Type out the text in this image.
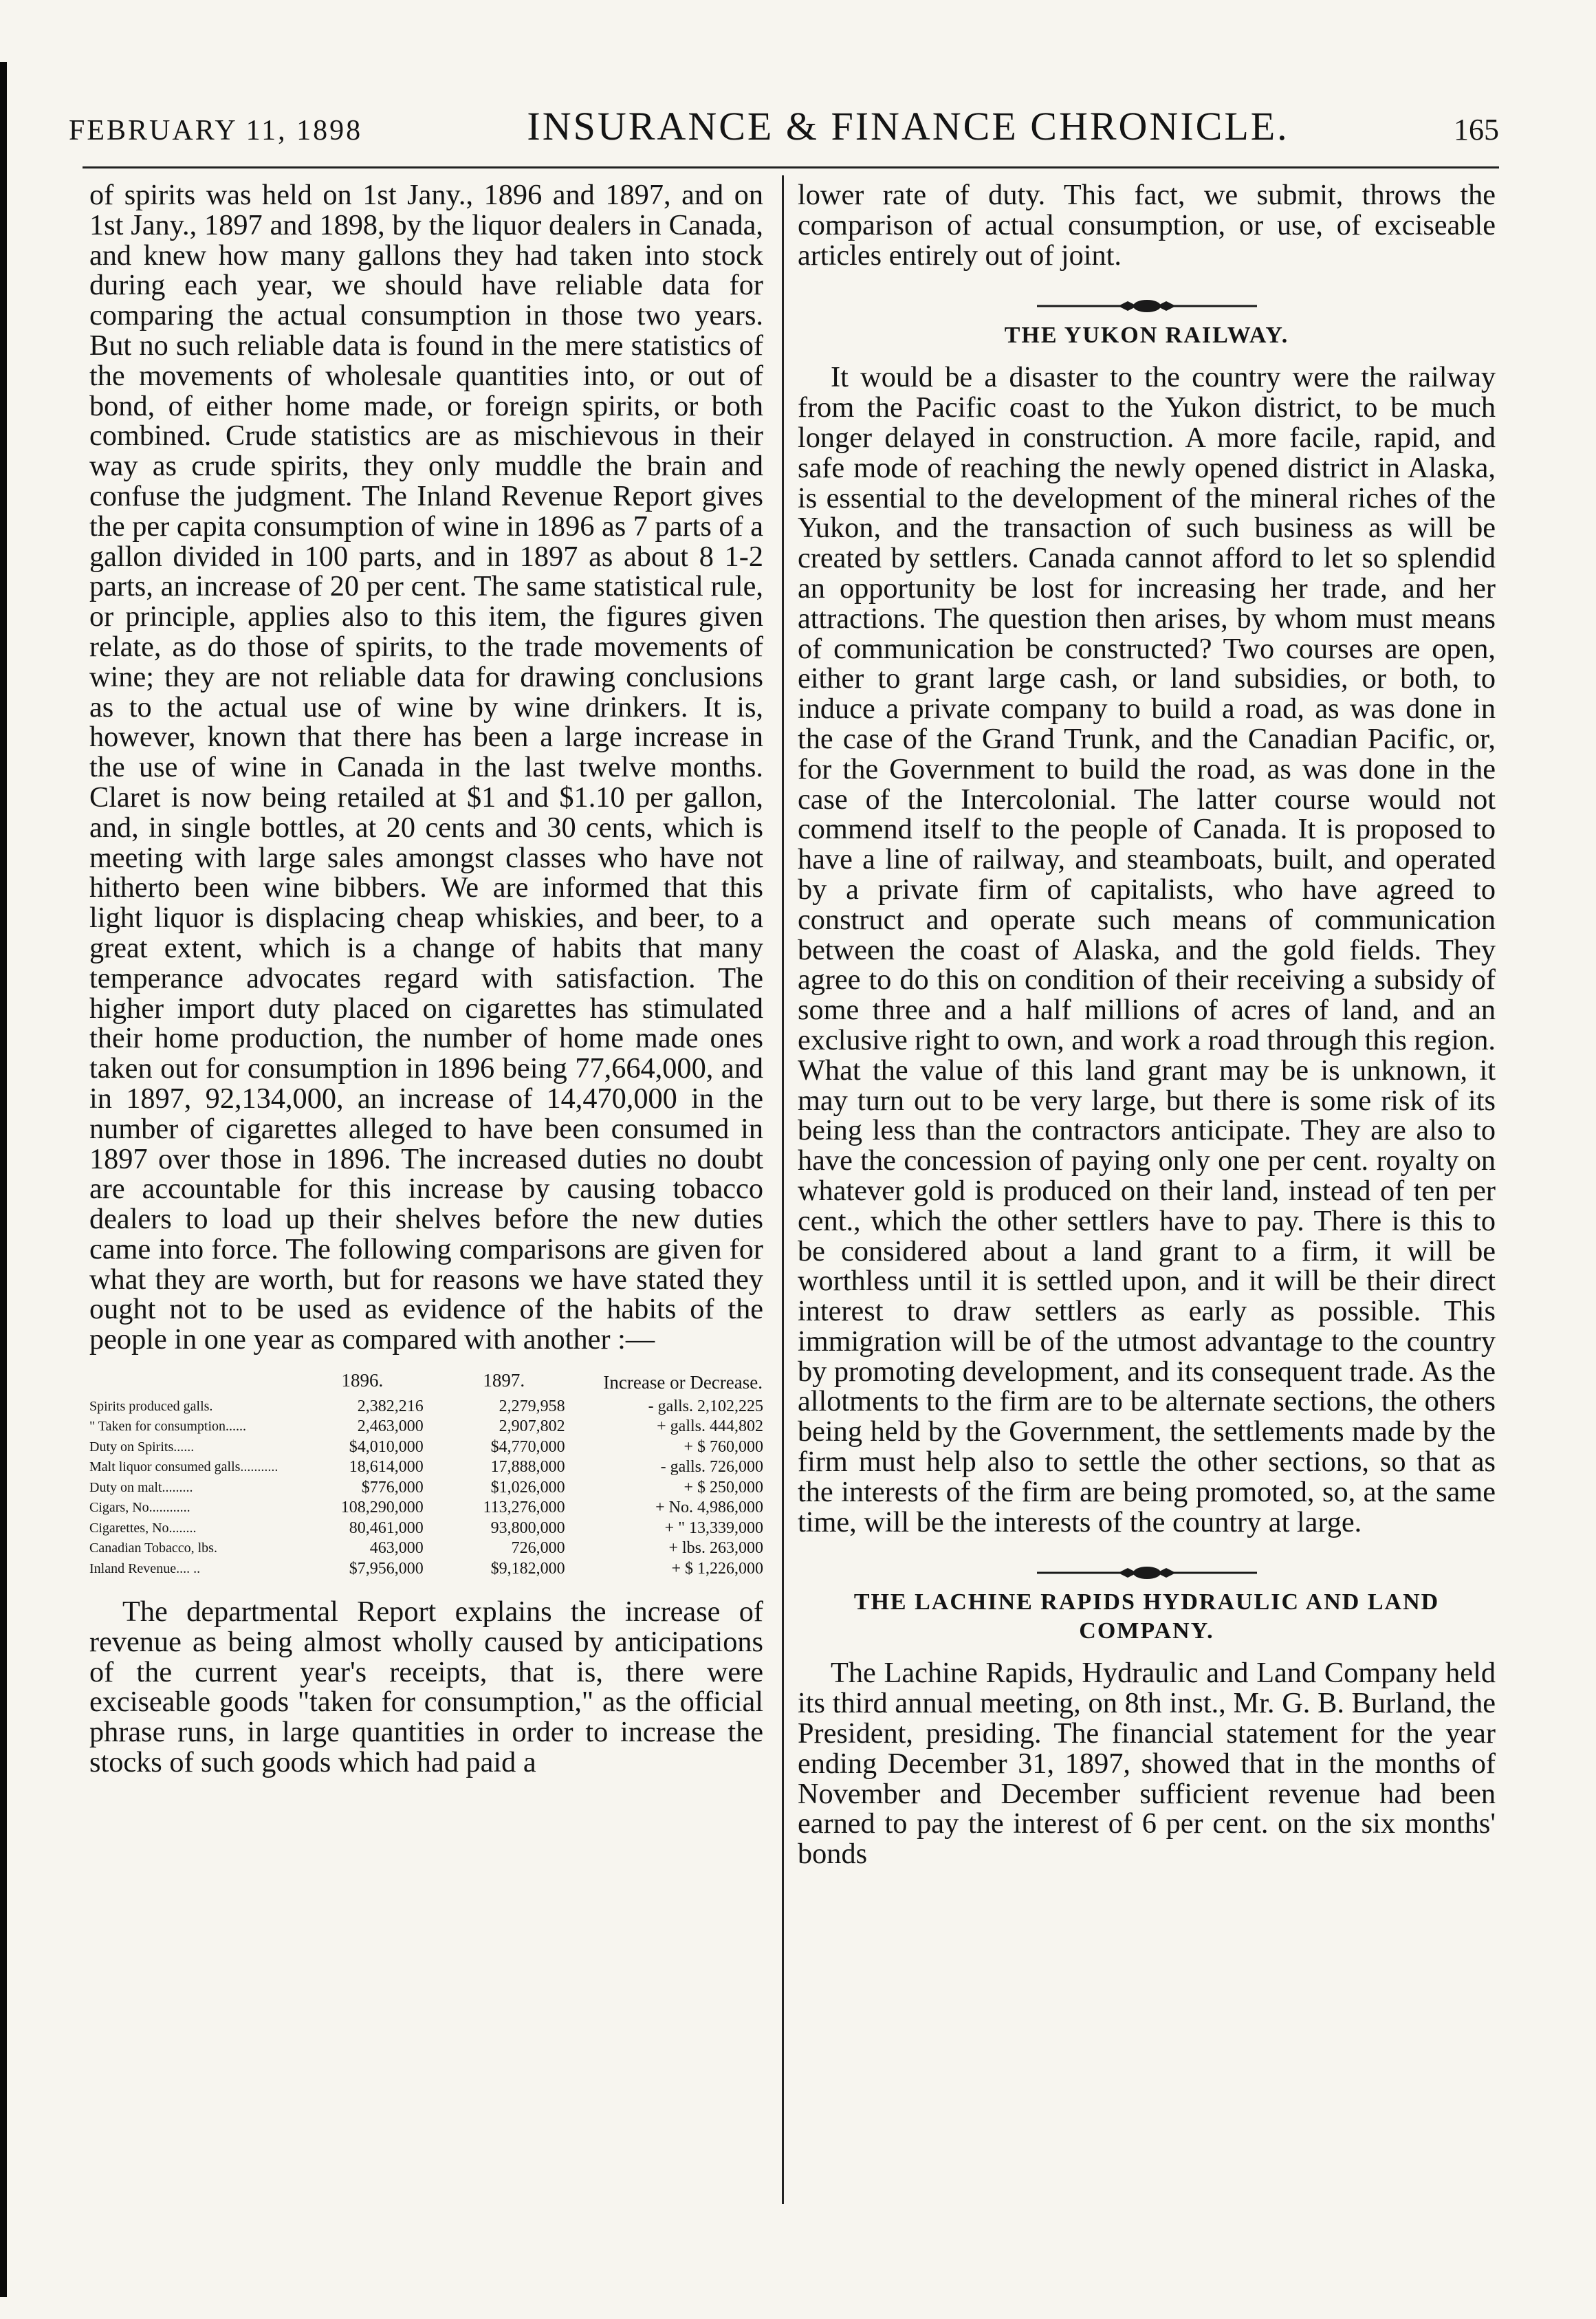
FEBRUARY 11, 1898	INSURANCE & FINANCE CHRONICLE.	165

of spirits was held on 1st Jany., 1896 and 1897, and on 1st Jany., 1897 and 1898, by the liquor dealers in Canada, and knew how many gallons they had taken into stock during each year, we should have reliable data for comparing the actual consumption in those two years. But no such reliable data is found in the mere statistics of the movements of wholesale quantities into, or out of bond, of either home made, or foreign spirits, or both combined. Crude statistics are as mischievous in their way as crude spirits, they only muddle the brain and confuse the judgment. The Inland Revenue Report gives the per capita consumption of wine in 1896 as 7 parts of a gallon divided in 100 parts, and in 1897 as about 8 1-2 parts, an increase of 20 per cent. The same statistical rule, or principle, applies also to this item, the figures given relate, as do those of spirits, to the trade movements of wine; they are not reliable data for drawing conclusions as to the actual use of wine by wine drinkers. It is, however, known that there has been a large increase in the use of wine in Canada in the last twelve months. Claret is now being retailed at $1 and $1.10 per gallon, and, in single bottles, at 20 cents and 30 cents, which is meeting with large sales amongst classes who have not hitherto been wine bibbers. We are informed that this light liquor is displacing cheap whiskies, and beer, to a great extent, which is a change of habits that many temperance advocates regard with satisfaction. The higher import duty placed on cigarettes has stimulated their home production, the number of home made ones taken out for consumption in 1896 being 77,664,000, and in 1897, 92,134,000, an increase of 14,470,000 in the number of cigarettes alleged to have been consumed in 1897 over those in 1896. The increased duties no doubt are accountable for this increase by causing tobacco dealers to load up their shelves before the new duties came into force. The following comparisons are given for what they are worth, but for reasons we have stated they ought not to be used as evidence of the habits of the people in one year as compared with another :—

	1896.	1897.	Increase or Decrease.
Spirits produced galls.	2,382,216	2,279,958	- galls. 2,102,225
" Taken for consumption......	2,463,000	2,907,802	+ galls. 444,802
Duty on Spirits......	$4,010,000	$4,770,000	+ $ 760,000
Malt liquor consumed galls...........	18,614,000	17,888,000	- galls. 726,000
Duty on malt.........	$776,000	$1,026,000	+ $ 250,000
Cigars, No............	108,290,000	113,276,000	+ No. 4,986,000
Cigarettes, No........	80,461,000	93,800,000	+ " 13,339,000
Canadian Tobacco, lbs.	463,000	726,000	+ lbs. 263,000
Inland Revenue.... ..	$7,956,000	$9,182,000	+ $ 1,226,000

The departmental Report explains the increase of revenue as being almost wholly caused by anticipations of the current year's receipts, that is, there were exciseable goods "taken for consumption," as the official phrase runs, in large quantities in order to increase the stocks of such goods which had paid a

lower rate of duty. This fact, we submit, throws the comparison of actual consumption, or use, of exciseable articles entirely out of joint.

THE YUKON RAILWAY.

It would be a disaster to the country were the railway from the Pacific coast to the Yukon district, to be much longer delayed in construction. A more facile, rapid, and safe mode of reaching the newly opened district in Alaska, is essential to the development of the mineral riches of the Yukon, and the transaction of such business as will be created by settlers. Canada cannot afford to let so splendid an opportunity be lost for increasing her trade, and her attractions. The question then arises, by whom must means of communication be constructed? Two courses are open, either to grant large cash, or land subsidies, or both, to induce a private company to build a road, as was done in the case of the Grand Trunk, and the Canadian Pacific, or, for the Government to build the road, as was done in the case of the Intercolonial. The latter course would not commend itself to the people of Canada. It is proposed to have a line of railway, and steamboats, built, and operated by a private firm of capitalists, who have agreed to construct and operate such means of communication between the coast of Alaska, and the gold fields. They agree to do this on condition of their receiving a subsidy of some three and a half millions of acres of land, and an exclusive right to own, and work a road through this region. What the value of this land grant may be is unknown, it may turn out to be very large, but there is some risk of its being less than the contractors anticipate. They are also to have the concession of paying only one per cent. royalty on whatever gold is produced on their land, instead of ten per cent., which the other settlers have to pay. There is this to be considered about a land grant to a firm, it will be worthless until it is settled upon, and it will be their direct interest to draw settlers as early as possible. This immigration will be of the utmost advantage to the country by promoting development, and its consequent trade. As the allotments to the firm are to be alternate sections, the others being held by the Government, the settlements made by the firm must help also to settle the other sections, so that as the interests of the firm are being promoted, so, at the same time, will be the interests of the country at large.

THE LACHINE RAPIDS HYDRAULIC AND LAND COMPANY.

The Lachine Rapids, Hydraulic and Land Company held its third annual meeting, on 8th inst., Mr. G. B. Burland, the President, presiding. The financial statement for the year ending December 31, 1897, showed that in the months of November and December sufficient revenue had been earned to pay the interest of 6 per cent. on the six months' bonds
